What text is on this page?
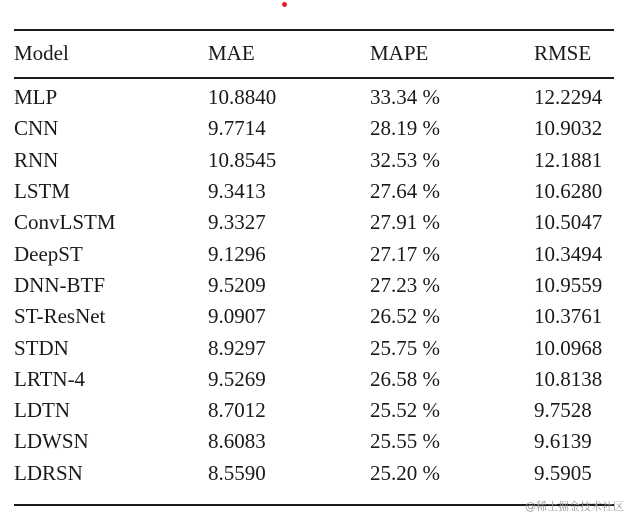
Model	MAE	MAPE	RMSE
MLP	10.8840	33.34 %	12.2294
CNN	9.7714	28.19 %	10.9032
RNN	10.8545	32.53 %	12.1881
LSTM	9.3413	27.64 %	10.6280
ConvLSTM	9.3327	27.91 %	10.5047
DeepST	9.1296	27.17 %	10.3494
DNN-BTF	9.5209	27.23 %	10.9559
ST-ResNet	9.0907	26.52 %	10.3761
STDN	8.9297	25.75 %	10.0968
LRTN-4	9.5269	26.58 %	10.8138
LDTN	8.7012	25.52 %	9.7528
LDWSN	8.6083	25.55 %	9.6139
LDRSN	8.5590	25.20 %	9.5905
@稀土掘金技术社区
